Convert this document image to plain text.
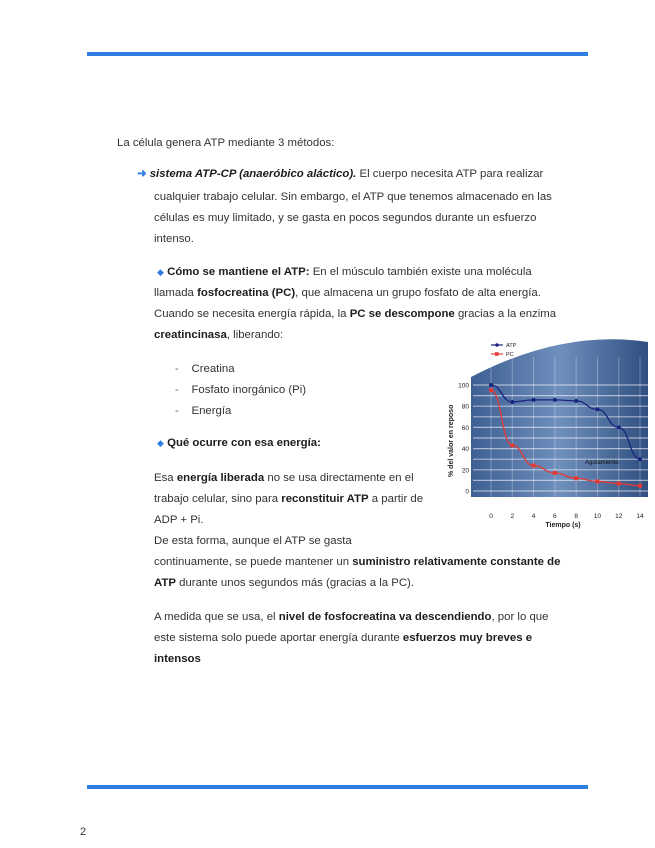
La célula genera ATP mediante 3 métodos:

➜ sistema ATP-CP (anaeróbico aláctico). El cuerpo necesita ATP para realizar

cualquier trabajo celular. Sin embargo, el ATP que tenemos almacenado en las

células es muy limitado, y se gasta en pocos segundos durante un esfuerzo

intenso.

◆ Cómo se mantiene el ATP: En el músculo también existe una molécula

llamada fosfocreatina (PC), que almacena un grupo fosfato de alta energía.

Cuando se necesita energía rápida, la PC se descompone gracias a la enzima

creatincinasa, liberando:

- Creatina

- Fosfato inorgánico (Pi)

- Energía

◆ Qué ocurre con esa energía:

Esa energía liberada no se usa directamente en el

trabajo celular, sino para reconstituir ATP a partir de

ADP + Pi.

De esta forma, aunque el ATP se gasta

continuamente, se puede mantener un suministro relativamente constante de

ATP durante unos segundos más (gracias a la PC).

A medida que se usa, el nivel de fosfocreatina va descendiendo, por lo que

este sistema solo puede aportar energía durante esfuerzos muy breves e

intensos

0
20
40
60
80
100
0	2	4	6	8 10 12 14
ATP
PC
% del valor en reposo
Tiempo (s)
Agotamiento

2
